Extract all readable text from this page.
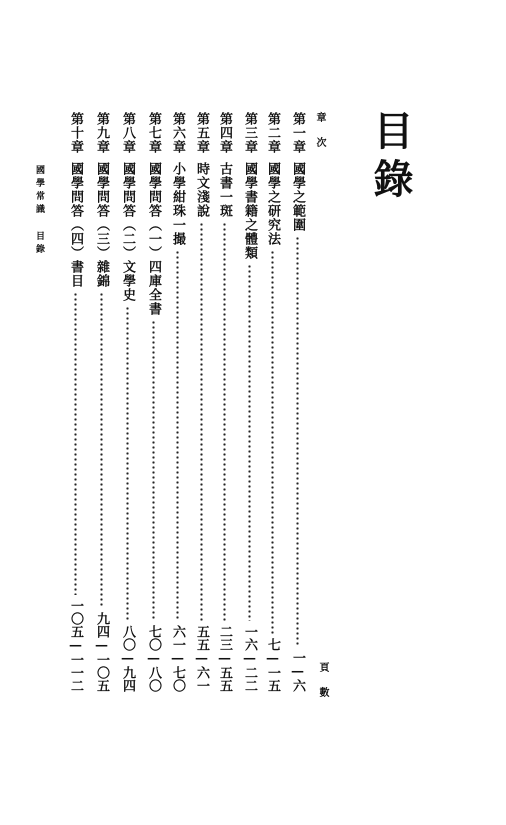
目錄
章 次
頁 數
國學常識 目錄
第一章
國學之範圍
一—六
第二章
國學之研究法
七—一五
第三章
國學書籍之體類
一六—二二
第四章
古書一斑
二三—五五
第五章
時文淺說
五五—六一
第六章
小學紺珠一撮
六一—七〇
第七章
國學問答（一）四庫全書
七〇—八〇
第八章
國學問答（二）文學史
八〇—九四
第九章
國學問答（三）雜錦
九四—一〇五
第十章
國學問答（四）書目
一〇五—一一二
